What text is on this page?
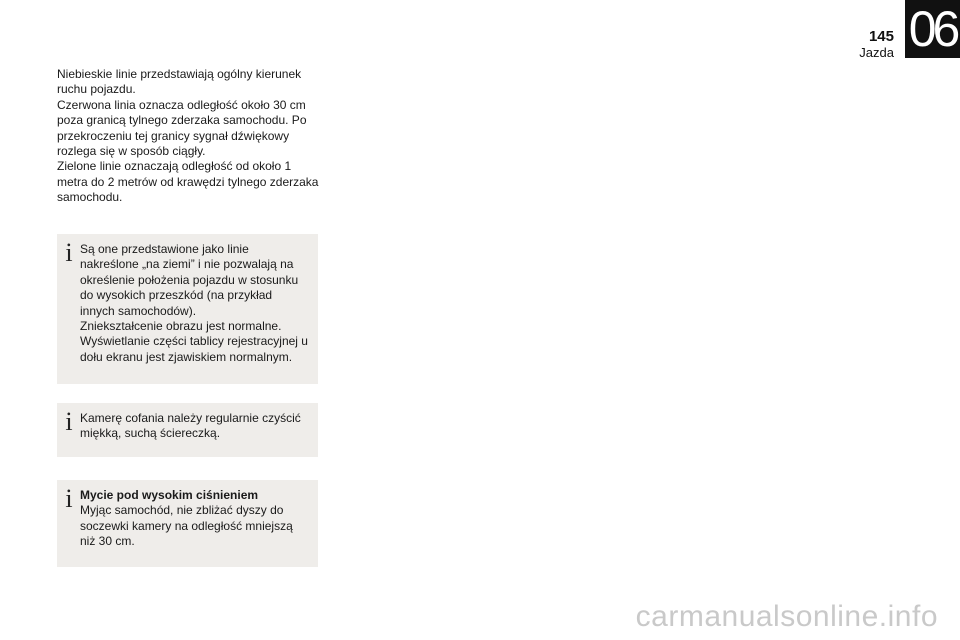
145
Jazda 06

Niebieskie linie przedstawiają ogólny kierunek ruchu pojazdu.

Czerwona linia oznacza odległość około 30 cm poza granicą tylnego zderzaka samochodu. Po przekroczeniu tej granicy sygnał dźwiękowy rozlega się w sposób ciągły.

Zielone linie oznaczają odległość od około 1 metra do 2 metrów od krawędzi tylnego zderzaka samochodu.

i Są one przedstawione jako linie nakreślone „na ziemi” i nie pozwalają na określenie położenia pojazdu w stosunku do wysokich przeszkód (na przykład innych samochodów).

Zniekształcenie obrazu jest normalne.

Wyświetlanie części tablicy rejestracyjnej u dołu ekranu jest zjawiskiem normalnym.

i Kamerę cofania należy regularnie czyścić miękką, suchą ściereczką.

i Mycie pod wysokim ciśnieniem

Myjąc samochód, nie zbliżać dyszy do soczewki kamery na odległość mniejszą niż 30 cm.

carmanualsonline.info
